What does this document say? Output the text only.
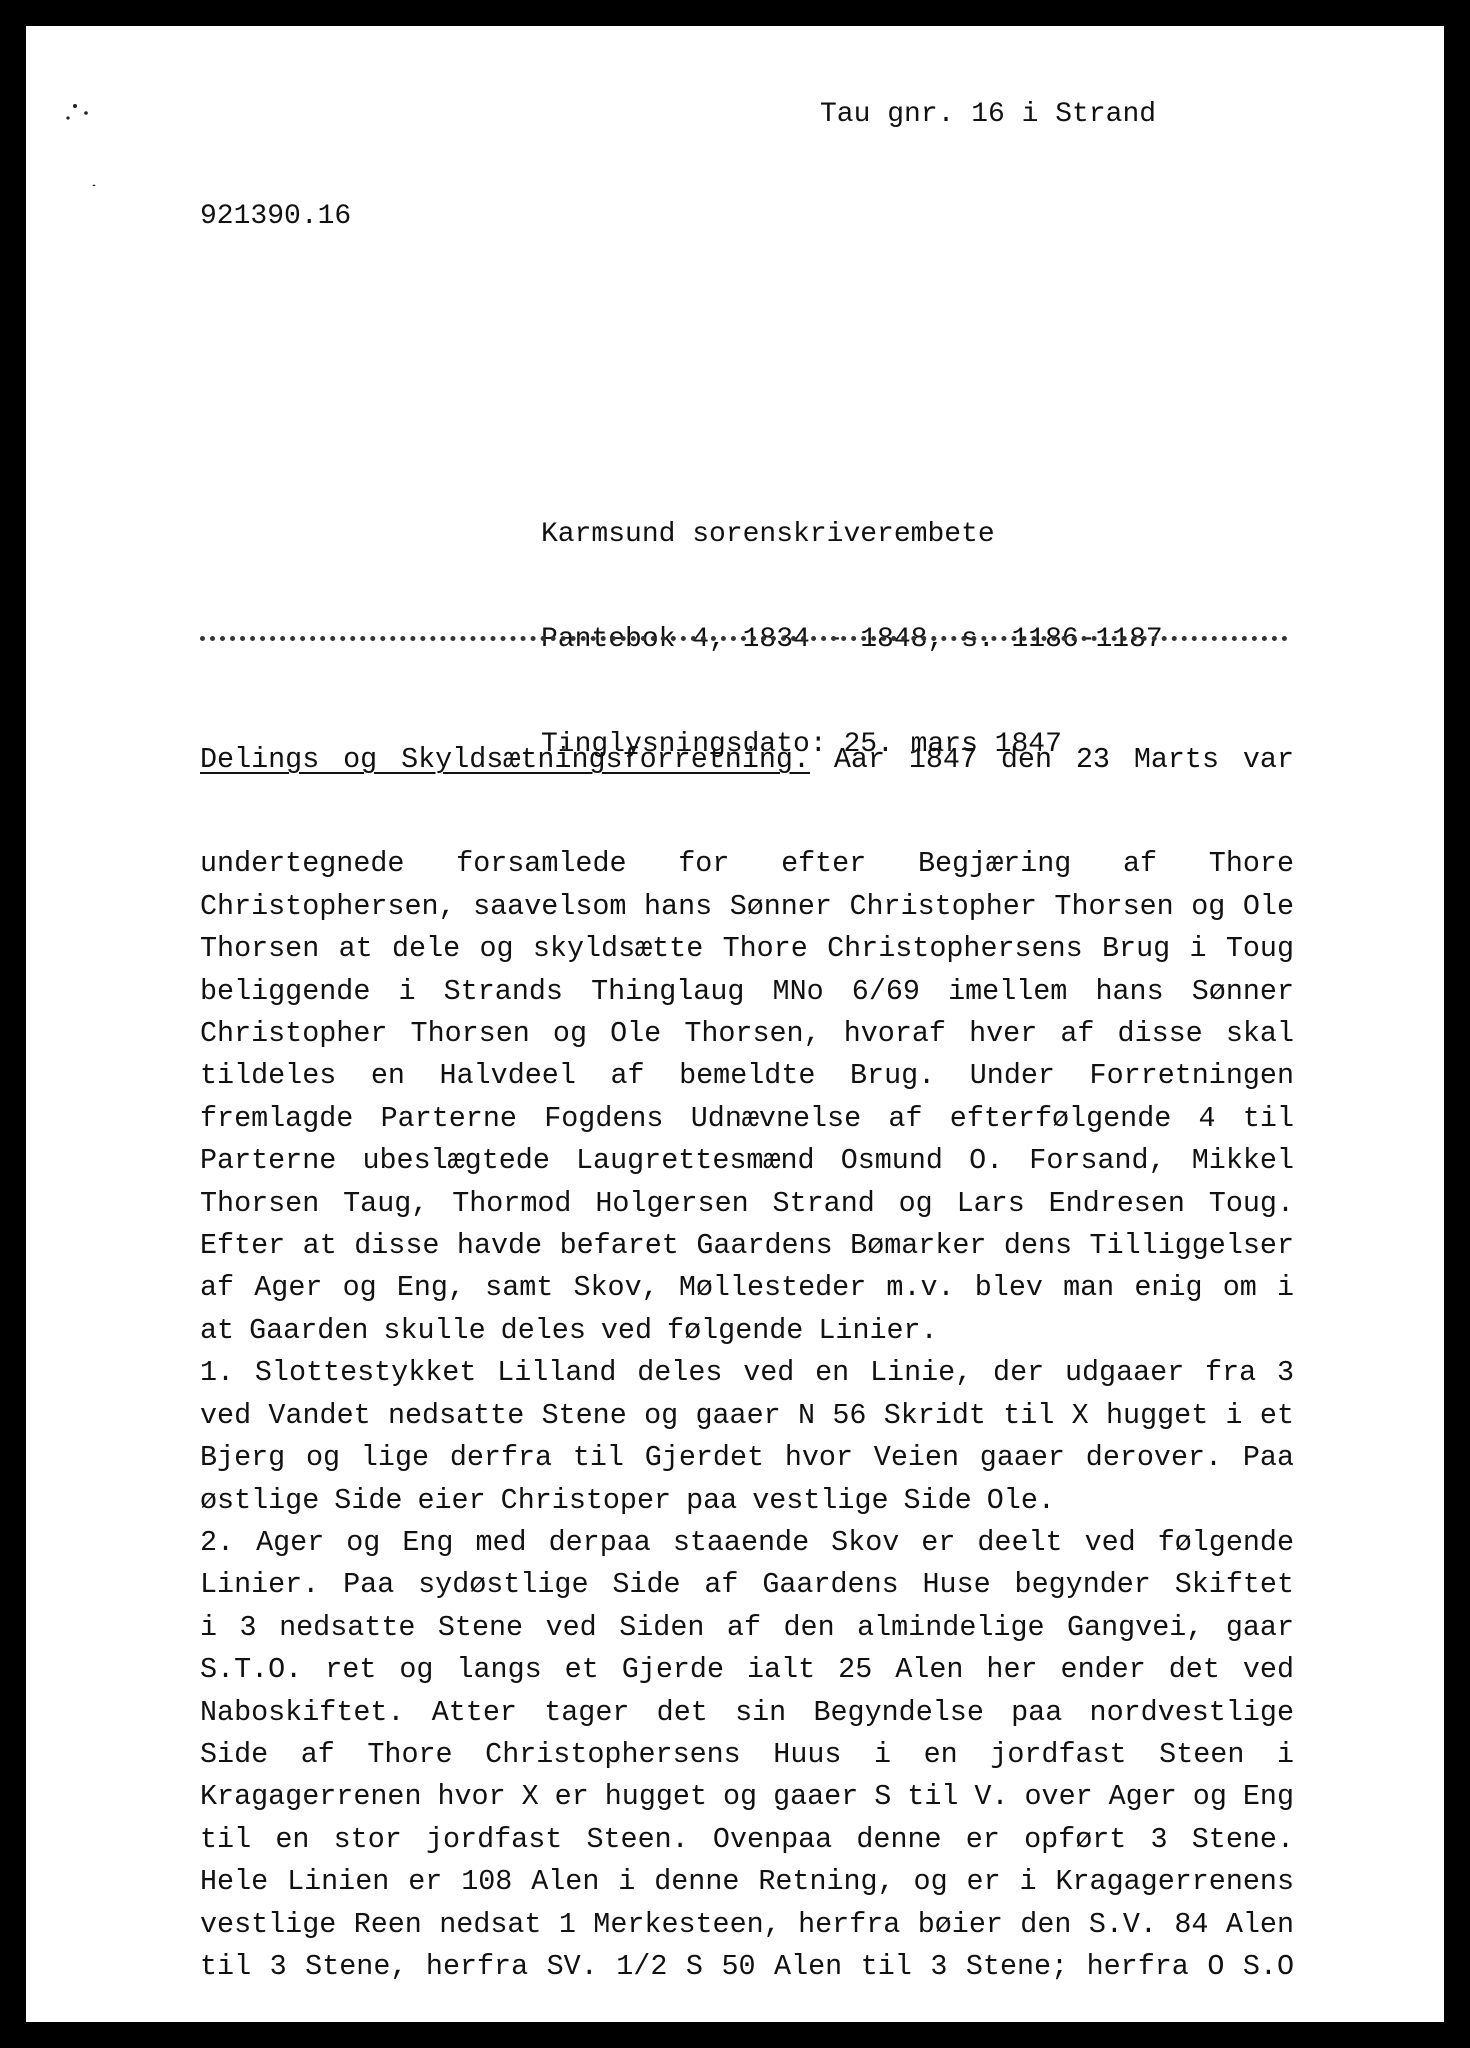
Tau gnr. 16 i Strand
921390.16

Karmsund sorenskriverembete

Pantebok 4, 1834 - 1848, s. 1186-1187

Tinglysningsdato: 25. mars 1847

Delings og Skyldsætningsforretning. Aar 1847 den 23 Marts var

undertegnede forsamlede for efter Begjæring af Thore
Christophersen, saavelsom hans Sønner Christopher Thorsen og Ole
Thorsen at dele og skyldsætte Thore Christophersens Brug i Toug
beliggende i Strands Thinglaug MNo 6/69 imellem hans Sønner
Christopher Thorsen og Ole Thorsen, hvoraf hver af disse skal
tildeles en Halvdeel af bemeldte Brug. Under Forretningen
fremlagde Parterne Fogdens Udnævnelse af efterfølgende 4 til
Parterne ubeslægtede Laugrettesmænd Osmund O. Forsand, Mikkel
Thorsen Taug, Thormod Holgersen Strand og Lars Endresen Toug.
Efter at disse havde befaret Gaardens Bømarker dens Tilliggelser
af Ager og Eng, samt Skov, Møllesteder m.v. blev man enig om i
at Gaarden skulle deles ved følgende Linier.
1. Slottestykket Lilland deles ved en Linie, der udgaaer fra 3
ved Vandet nedsatte Stene og gaaer N 56 Skridt til X hugget i et
Bjerg og lige derfra til Gjerdet hvor Veien gaaer derover. Paa
østlige Side eier Christoper paa vestlige Side Ole.
2. Ager og Eng med derpaa staaende Skov er deelt ved følgende
Linier. Paa sydøstlige Side af Gaardens Huse begynder Skiftet
i 3 nedsatte Stene ved Siden af den almindelige Gangvei, gaar
S.T.O. ret og langs et Gjerde ialt 25 Alen her ender det ved
Naboskiftet. Atter tager det sin Begyndelse paa nordvestlige
Side af Thore Christophersens Huus i en jordfast Steen i
Kragagerrenen hvor X er hugget og gaaer S til V. over Ager og Eng
til en stor jordfast Steen. Ovenpaa denne er opført 3 Stene.
Hele Linien er 108 Alen i denne Retning, og er i Kragagerrenens
vestlige Reen nedsat 1 Merkesteen, herfra bøier den S.V. 84 Alen
til 3 Stene, herfra SV. 1/2 S 50 Alen til 3 Stene; herfra O S.O
